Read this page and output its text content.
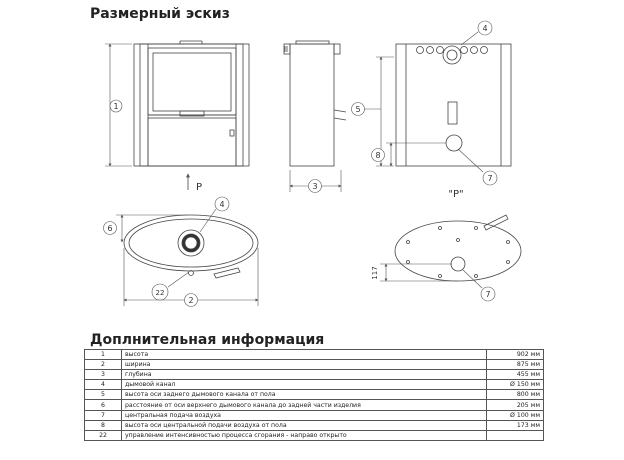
Размерный эскиз
1
P	3
4
5
8
7
"P"
4
6
22
2
117
7
Доплнительная информация
1	высота	902 мм
2	ширина	875 мм
3	глубина	455 мм
4	дымовой канал	Ø 150 мм
5	высота оси заднего дымового канала от пола	800 мм
6	расстояние от оси верхнего дымового канала до задней части изделия	205 мм
7	центральная подача воздуха	Ø 100 мм
8	высота оси центральной подачи воздуха от пола	173 мм
22	управление интенсивностью процесса сгорания - направо открыто	
